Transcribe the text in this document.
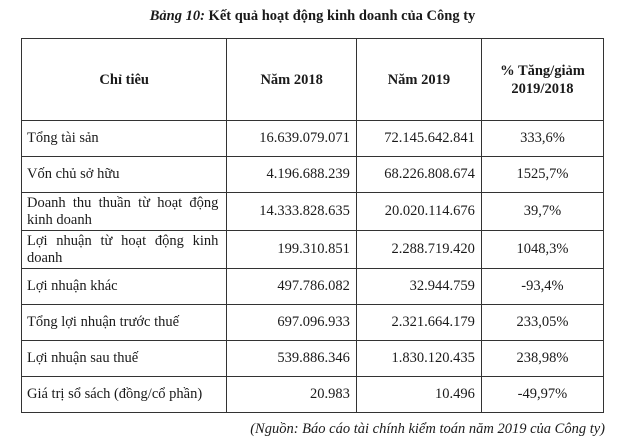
Bảng 10: Kết quả hoạt động kinh doanh của Công ty
Chỉ tiêu	Năm 2018	Năm 2019	% Tăng/giảm 2019/2018
Tổng tài sản	16.639.079.071	72.145.642.841	333,6%
Vốn chủ sở hữu	4.196.688.239	68.226.808.674	1525,7%
Doanh thu thuần từ hoạt động kinh doanh	14.333.828.635	20.020.114.676	39,7%
Lợi nhuận từ hoạt động kinh doanh	199.310.851	2.288.719.420	1048,3%
Lợi nhuận khác	497.786.082	32.944.759	-93,4%
Tổng lợi nhuận trước thuế	697.096.933	2.321.664.179	233,05%
Lợi nhuận sau thuế	539.886.346	1.830.120.435	238,98%
Giá trị sổ sách (đồng/cổ phần)	20.983	10.496	-49,97%
(Nguồn: Báo cáo tài chính kiểm toán năm 2019 của Công ty)
